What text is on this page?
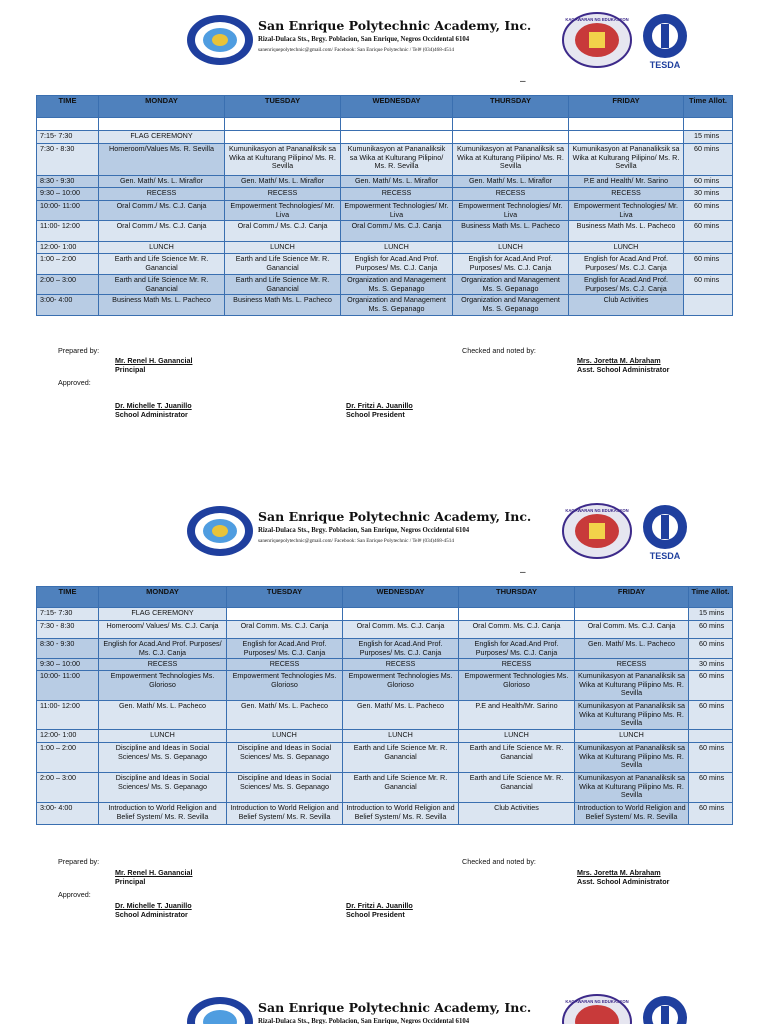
San Enrique Polytechnic Academy, Inc.
Rizal-Dulaca Sts., Brgy. Poblacion, San Enrique, Negros Occidental 6104
sanenriquepolytechnic@gmail.com/ Facebook: San Enrique Polytechnic / Tel# (034)468-4514
KAGAWARAN NG EDUKASYON
TESDA
–
TIME	MONDAY	TUESDAY	WEDNESDAY	THURSDAY	FRIDAY	Time Allot.

7:15- 7:30	FLAG CEREMONY					15 mins
7:30 - 8:30	Homeroom/Values Ms. R. Sevilla	Kumunikasyon at Pananaliksik sa Wika at Kulturang Pilipino/ Ms. R. Sevilla	Kumunikasyon at Pananaliksik sa Wika at Kulturang Pilipino/ Ms. R. Sevilla	Kumunikasyon at Pananaliksik sa Wika at Kulturang Pilipino/ Ms. R. Sevilla	Kumunikasyon at Pananaliksik sa Wika at Kulturang Pilipino/ Ms. R. Sevilla	60 mins
8:30 - 9:30	Gen. Math/ Ms. L. Miraflor	Gen. Math/ Ms. L. Miraflor	Gen. Math/ Ms. L. Miraflor	Gen. Math/ Ms. L. Miraflor	P.E and Health/ Mr. Sarino	60 mins
9:30 – 10:00	RECESS	RECESS	RECESS	RECESS	RECESS	30 mins
10:00- 11:00	Oral Comm./ Ms. C.J. Canja	Empowerment Technologies/ Mr. Liva	Empowerment Technologies/ Mr. Liva	Empowerment Technologies/ Mr. Liva	Empowerment Technologies/ Mr. Liva	60 mins
11:00- 12:00	Oral Comm./ Ms. C.J. Canja	Oral Comm./ Ms. C.J. Canja	Oral Comm./ Ms. C.J. Canja	Business Math Ms. L. Pacheco	Business Math Ms. L. Pacheco	60 mins
12:00- 1:00	LUNCH	LUNCH	LUNCH	LUNCH	LUNCH	
1:00 – 2:00	Earth and Life Science Mr. R. Ganancial	Earth and Life Science Mr. R. Ganancial	English for Acad.And Prof. Purposes/ Ms. C.J. Canja	English for Acad.And Prof. Purposes/ Ms. C.J. Canja	English for Acad.And Prof. Purposes/ Ms. C.J. Canja	60 mins
2:00 – 3:00	Earth and Life Science Mr. R. Ganancial	Earth and Life Science Mr. R. Ganancial	Organization and Management Ms. S. Gepanago	Organization and Management Ms. S. Gepanago	English for Acad.And Prof. Purposes/ Ms. C.J. Canja	60 mins
3:00- 4:00	Business Math Ms. L. Pacheco	Business Math Ms. L. Pacheco	Organization and Management Ms. S. Gepanago	Organization and Management Ms. S. Gepanago	Club Activities	
Prepared by:	Checked and noted by:
Mr. Renel H. Ganancial
Principal
Mrs. Joretta M. Abraham
Asst. School Administrator
Approved:
Dr. Michelle T. Juanillo
School Administrator
Dr. Fritzi A. Juanillo
School President
San Enrique Polytechnic Academy, Inc.
Rizal-Dulaca Sts., Brgy. Poblacion, San Enrique, Negros Occidental 6104
sanenriquepolytechnic@gmail.com/ Facebook: San Enrique Polytechnic / Tel# (034)468-4514
KAGAWARAN NG EDUKASYON
TESDA
–
TIME	MONDAY	TUESDAY	WEDNESDAY	THURSDAY	FRIDAY	Time Allot.
7:15- 7:30	FLAG CEREMONY					15 mins
7:30 - 8:30	Homeroom/ Values/ Ms. C.J. Canja	Oral Comm. Ms. C.J. Canja	Oral Comm. Ms. C.J. Canja	Oral Comm. Ms. C.J. Canja	Oral Comm. Ms. C.J. Canja	60 mins
8:30 - 9:30	English for Acad.And Prof. Purposes/ Ms. C.J. Canja	English for Acad.And Prof. Purposes/ Ms. C.J. Canja	English for Acad.And Prof. Purposes/ Ms. C.J. Canja	English for Acad.And Prof. Purposes/ Ms. C.J. Canja	Gen. Math/ Ms. L. Pacheco	60 mins
9:30 – 10:00	RECESS	RECESS	RECESS	RECESS	RECESS	30 mins
10:00- 11:00	Empowerment Technologies Ms. Glorioso	Empowerment Technologies Ms. Glorioso	Empowerment Technologies Ms. Glorioso	Empowerment Technologies Ms. Glorioso	Kumunikasyon at Pananaliksik sa Wika at Kulturang Pilipino Ms. R. Sevilla	60 mins
11:00- 12:00	Gen. Math/ Ms. L. Pacheco	Gen. Math/ Ms. L. Pacheco	Gen. Math/ Ms. L. Pacheco	P.E and Health/Mr. Sarino	Kumunikasyon at Pananaliksik sa Wika at Kulturang Pilipino Ms. R. Sevilla	60 mins
12:00- 1:00	LUNCH	LUNCH	LUNCH	LUNCH	LUNCH	
1:00 – 2:00	Discipline and Ideas in Social Sciences/ Ms. S. Gepanago	Discipline and Ideas in Social Sciences/ Ms. S. Gepanago	Earth and Life Science Mr. R. Ganancial	Earth and Life Science Mr. R. Ganancial	Kumunikasyon at Pananaliksik sa Wika at Kulturang Pilipino Ms. R. Sevilla	60 mins
2:00 – 3:00	Discipline and Ideas in Social Sciences/ Ms. S. Gepanago	Discipline and Ideas in Social Sciences/ Ms. S. Gepanago	Earth and Life Science Mr. R. Ganancial	Earth and Life Science Mr. R. Ganancial	Kumunikasyon at Pananaliksik sa Wika at Kulturang Pilipino Ms. R. Sevilla	60 mins
3:00- 4:00	Introduction to World Religion and Belief System/ Ms. R. Sevilla	Introduction to World Religion and Belief System/ Ms. R. Sevilla	Introduction to World Religion and Belief System/ Ms. R. Sevilla	Club Activities	Introduction to World Religion and Belief System/ Ms. R. Sevilla	60 mins
Prepared by:	Checked and noted by:
Mr. Renel H. Ganancial
Principal
Mrs. Joretta M. Abraham
Asst. School Administrator
Approved:
Dr. Michelle T. Juanillo
School Administrator
Dr. Fritzi A. Juanillo
School President
San Enrique Polytechnic Academy, Inc.
Rizal-Dulaca Sts., Brgy. Poblacion, San Enrique, Negros Occidental 6104
KAGAWARAN NG EDUKASYON
